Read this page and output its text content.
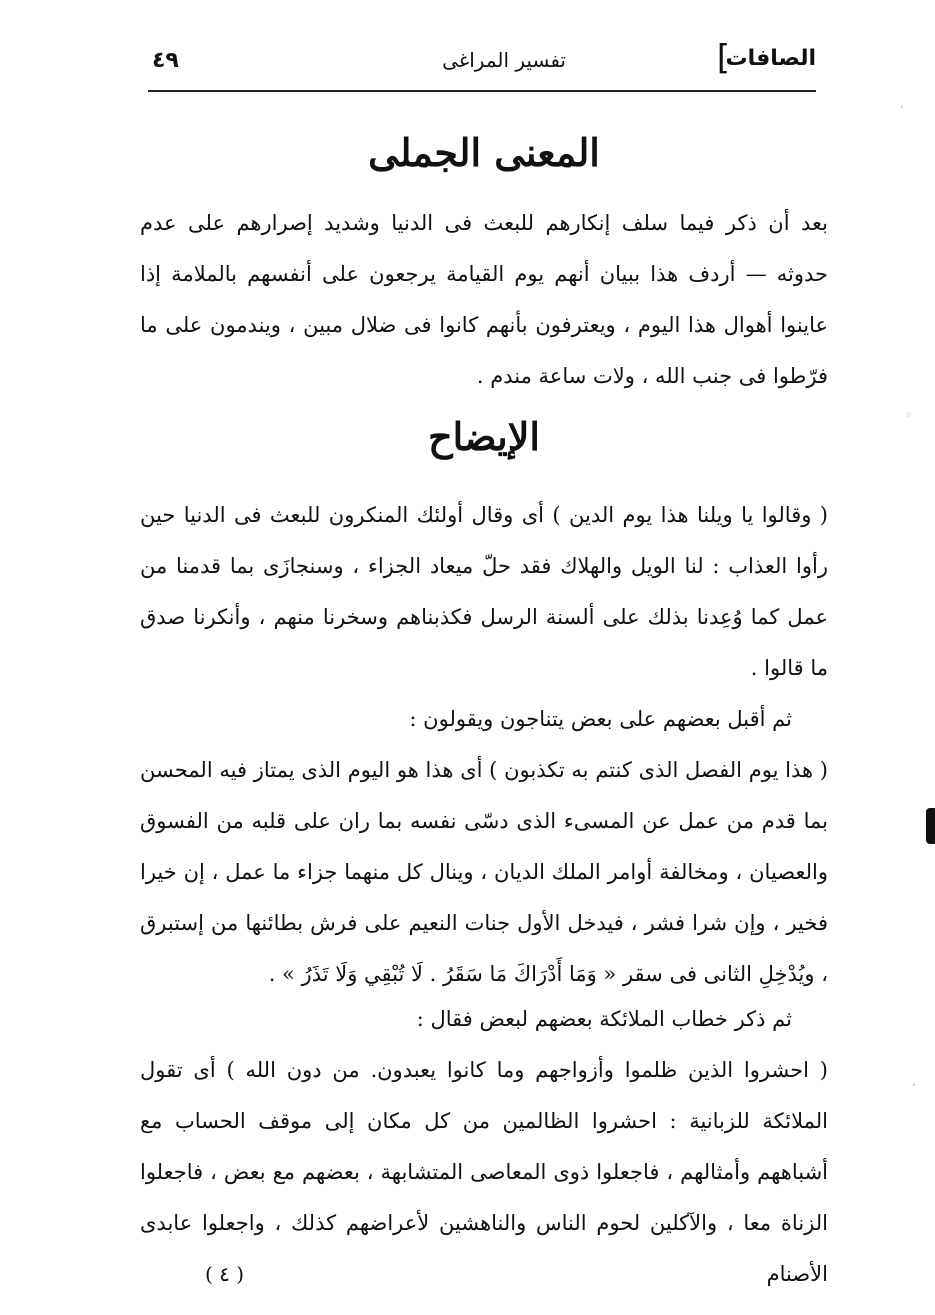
الصافات
]
تفسير المراغى
٤٩
المعنى الجملى
بعد أن ذكر فيما سلف إنكارهم للبعث فى الدنيا وشديد إصرارهم على عدم حدوثه — أردف هذا ببيان أنهم يوم القيامة يرجعون على أنفسهم بالملامة إذا عاينوا أهوال هذا اليوم ، ويعترفون بأنهم كانوا فى ضلال مبين ، ويندمون على ما فرّطوا فى جنب الله ، ولات ساعة مندم .
الإيضاح
( وقالوا يا ويلنا هذا يوم الدين ) أى وقال أولئك المنكرون للبعث فى الدنيا حين رأوا العذاب : لنا الويل والهلاك فقد حلّ ميعاد الجزاء ، وسنجازَى بما قدمنا من عمل كما وُعِدنا بذلك على ألسنة الرسل فكذبناهم وسخرنا منهم ، وأنكرنا صدق ما قالوا .
ثم أقبل بعضهم على بعض يتناجون ويقولون :
( هذا يوم الفصل الذى كنتم به تكذبون ) أى هذا هو اليوم الذى يمتاز فيه المحسن بما قدم من عمل عن المسىء الذى دسّى نفسه بما ران على قلبه من الفسوق والعصيان ، ومخالفة أوامر الملك الديان ، وينال كل منهما جزاء ما عمل ، إن خيرا فخير ، وإن شرا فشر ، فيدخل الأول جنات النعيم على فرش بطائنها من إستبرق ، ويُدْخِلِ الثانى فى سقر « وَمَا أَدْرَاكَ مَا سَقَرُ . لَا تُبْقِي وَلَا تَذَرُ » .
ثم ذكر خطاب الملائكة بعضهم لبعض فقال :
( احشروا الذين ظلموا وأزواجهم وما كانوا يعبدون. من دون الله ) أى تقول الملائكة للزبانية : احشروا الظالمين من كل مكان إلى موقف الحساب مع أشباههم وأمثالهم ، فاجعلوا ذوى المعاصى المتشابهة ، بعضهم مع بعض ، فاجعلوا الزناة معا ، والآكلين لحوم الناس والناهشين لأعراضهم كذلك ، واجعلوا عابدى الأصنام
( ٤ )
·
◦
·
